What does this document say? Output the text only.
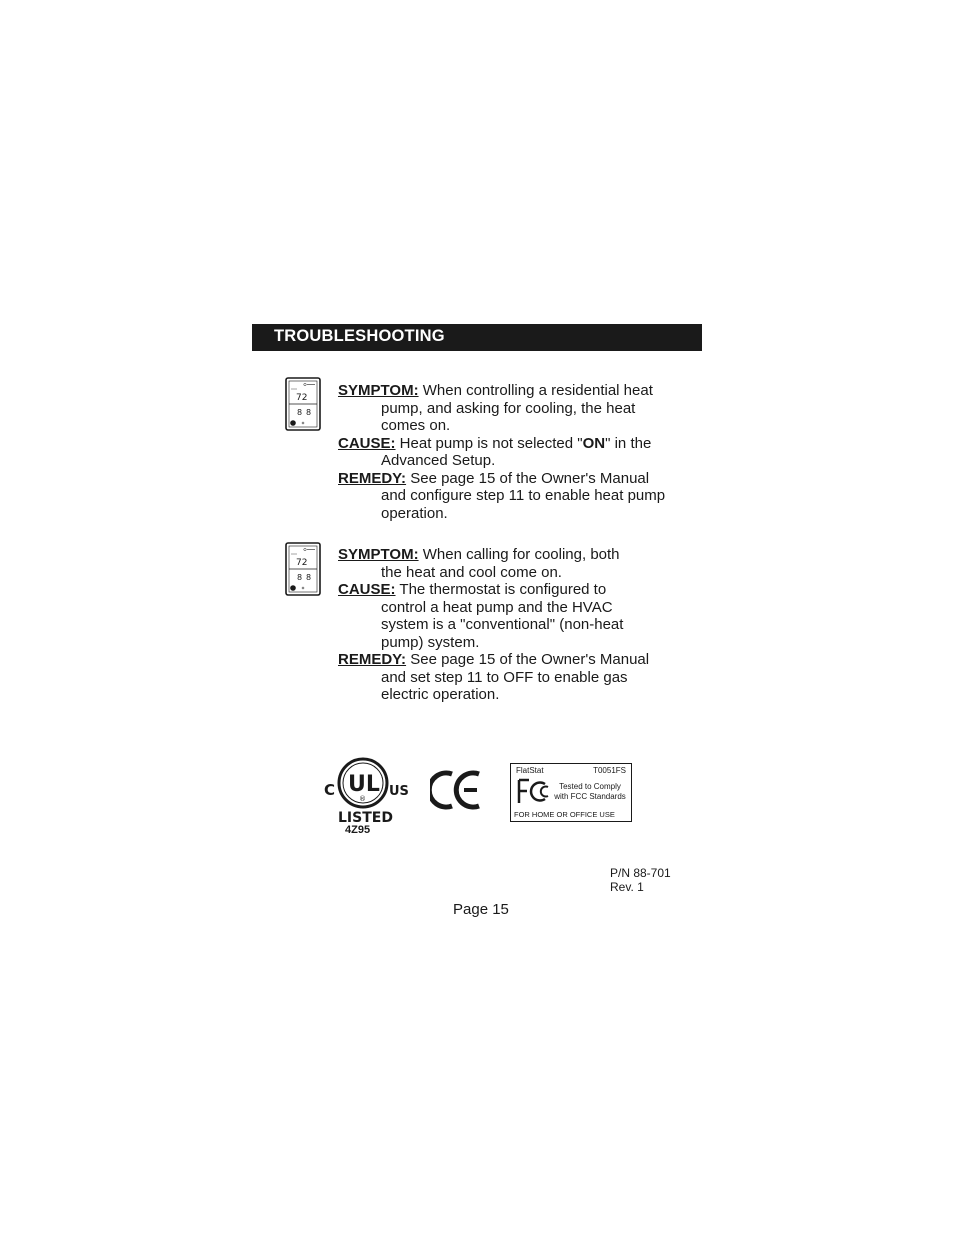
TROUBLESHOOTING
72
8 8

SYMPTOM: When controlling a residential heat
pump, and asking for cooling, the heat
comes on.

CAUSE: Heat pump is not selected "ON" in the
Advanced Setup.

REMEDY: See page 15 of the Owner's Manual
and configure step 11 to enable heat pump
operation.

72
8 8

SYMPTOM: When calling for cooling, both
the heat and cool come on.

CAUSE: The thermostat is configured to
control a heat pump and the HVAC
system is a "conventional" (non-heat
pump) system.

REMEDY: See page 15 of the Owner's Manual
and set step 11 to OFF to enable gas
electric operation.

C UL
® US
LISTED
4Z95
FlatStat	T0051FS
Tested to Comply
with FCC Standards
FOR HOME OR OFFICE USE

P/N 88-701

Rev. 1

Page 15
